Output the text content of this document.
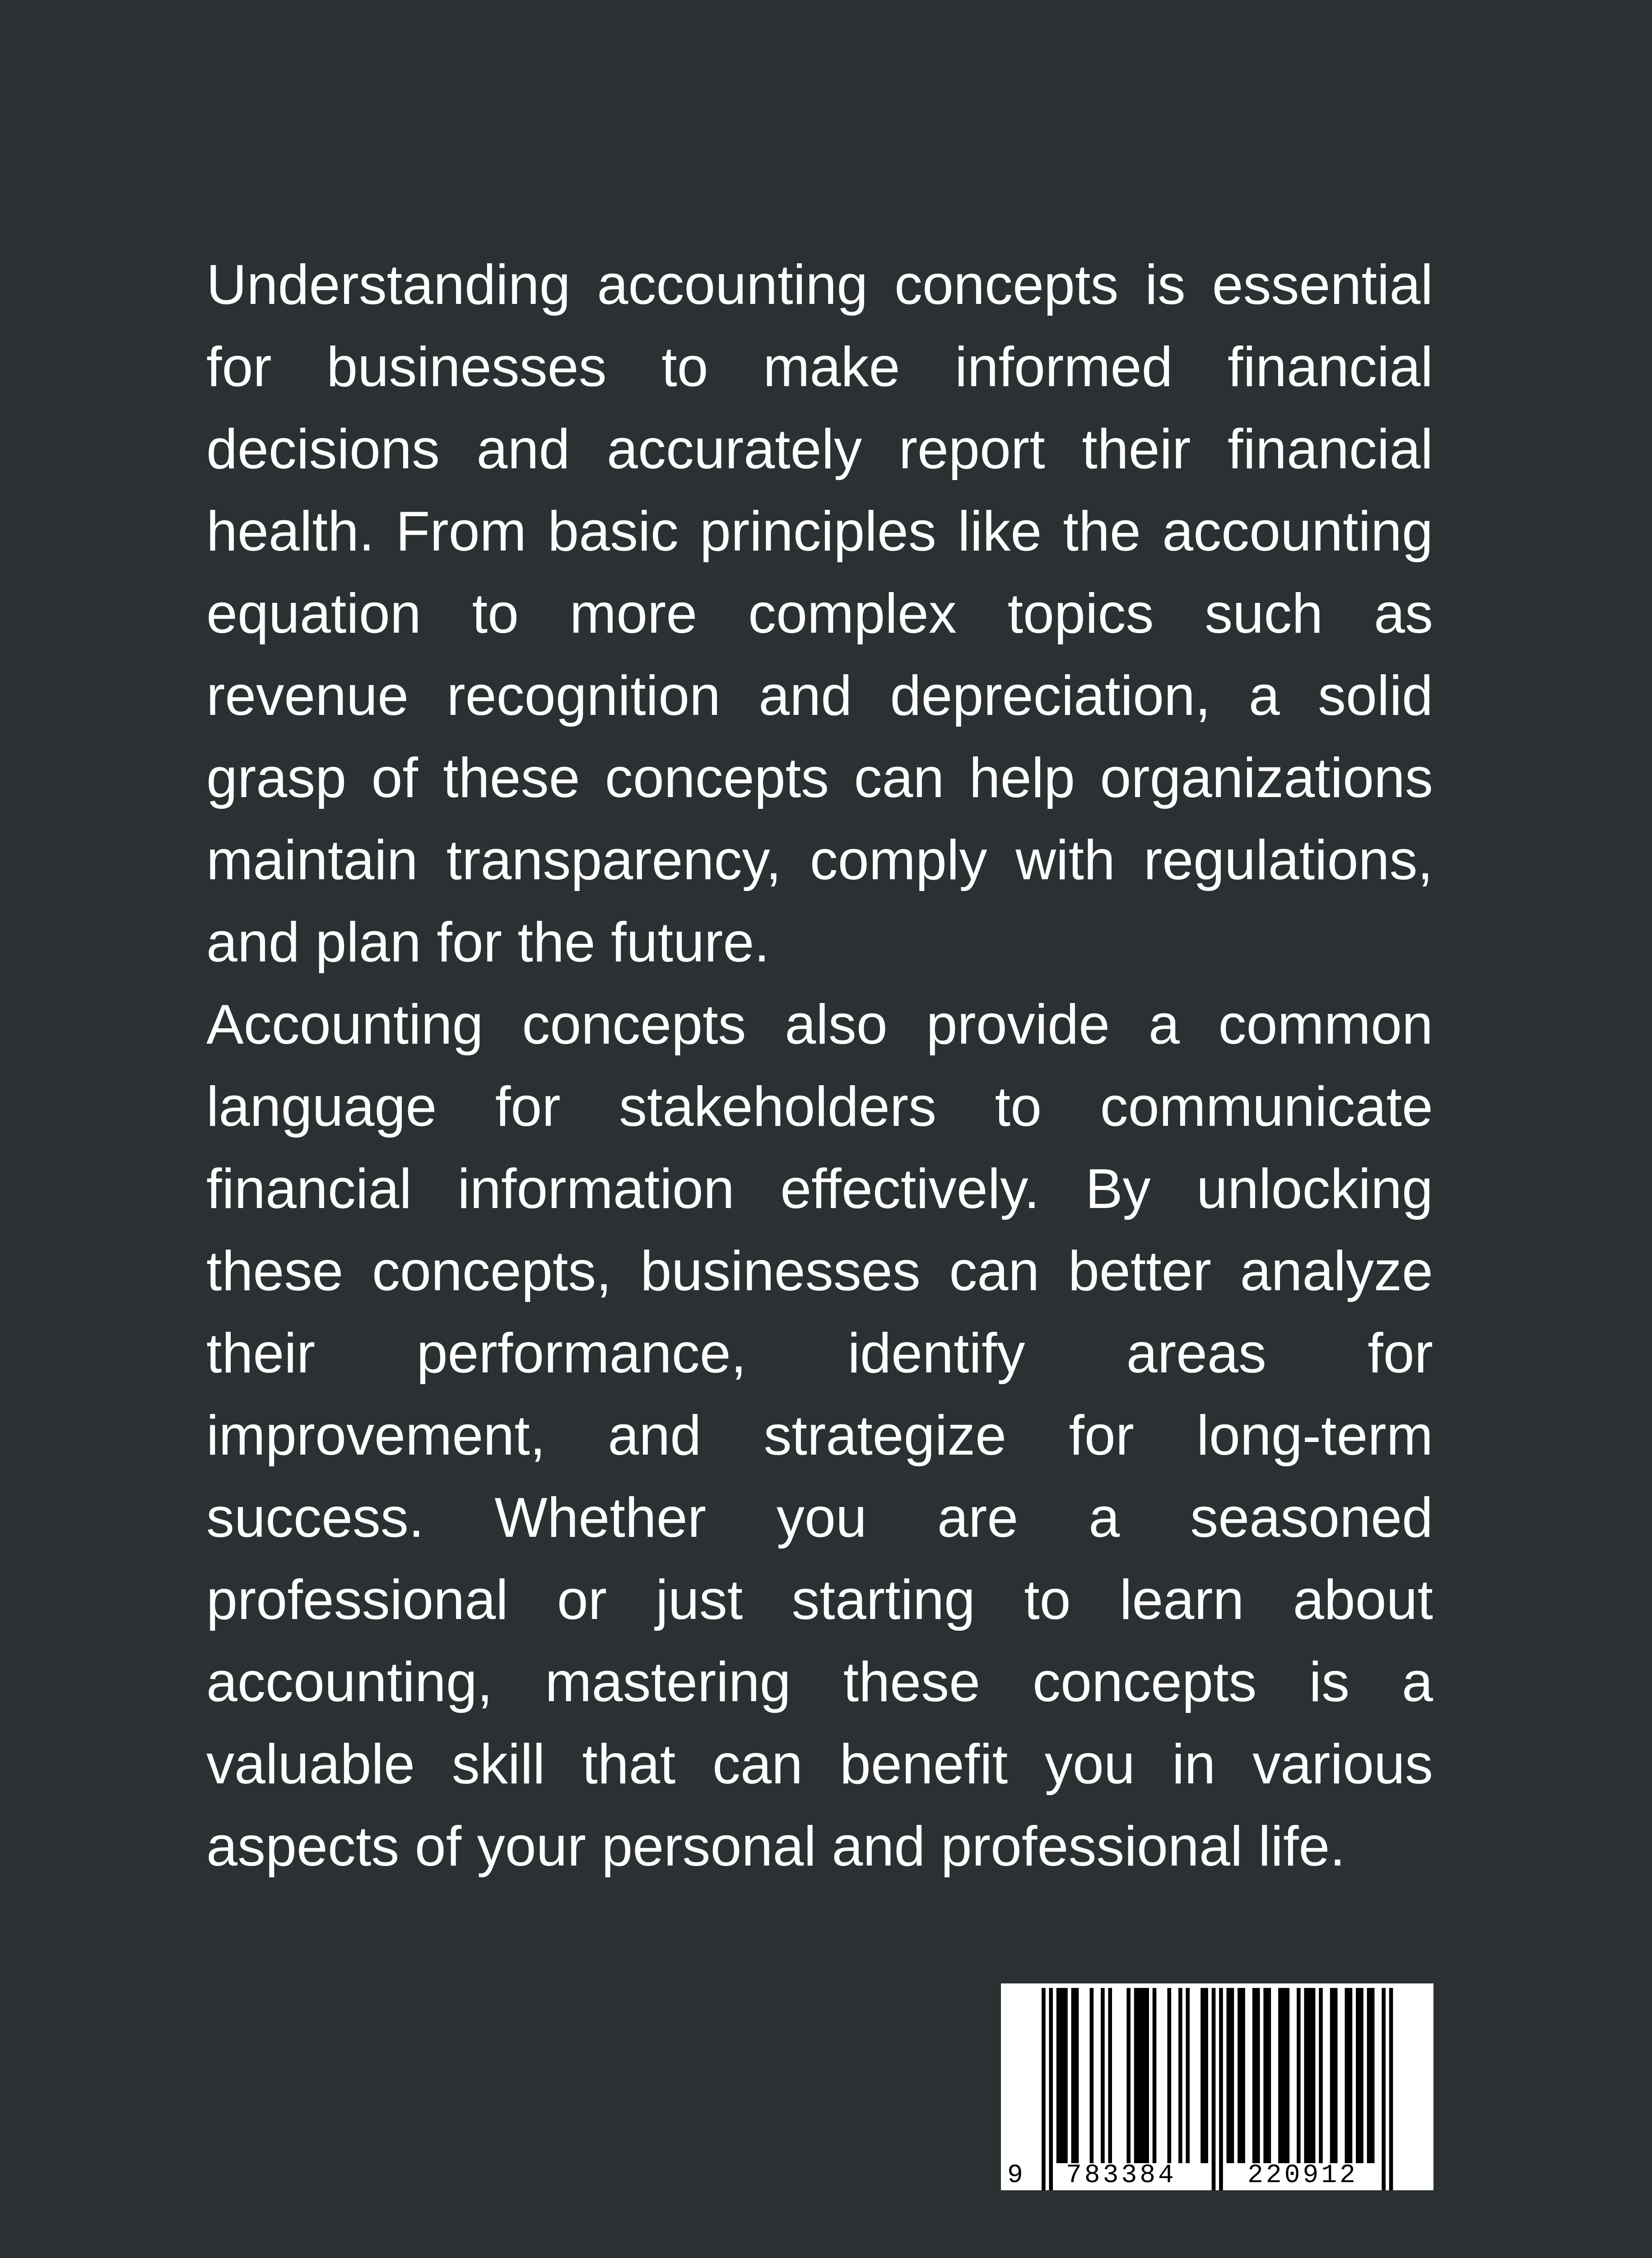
Understanding accounting concepts is essential for businesses to make informed financial decisions and accurately report their financial health. From basic principles like the accounting equation to more complex topics such as revenue recognition and depreciation, a solid grasp of these concepts can help organizations maintain transparency, comply with regulations, and plan for the future.

Accounting concepts also provide a common language for stakeholders to communicate financial information effectively. By unlocking these concepts, businesses can better analyze their performance, identify areas for improvement, and strategize for long-term success. Whether you are a seasoned professional or just starting to learn about accounting, mastering these concepts is a valuable skill that can benefit you in various aspects of your personal and professional life.

9 783384	220912
